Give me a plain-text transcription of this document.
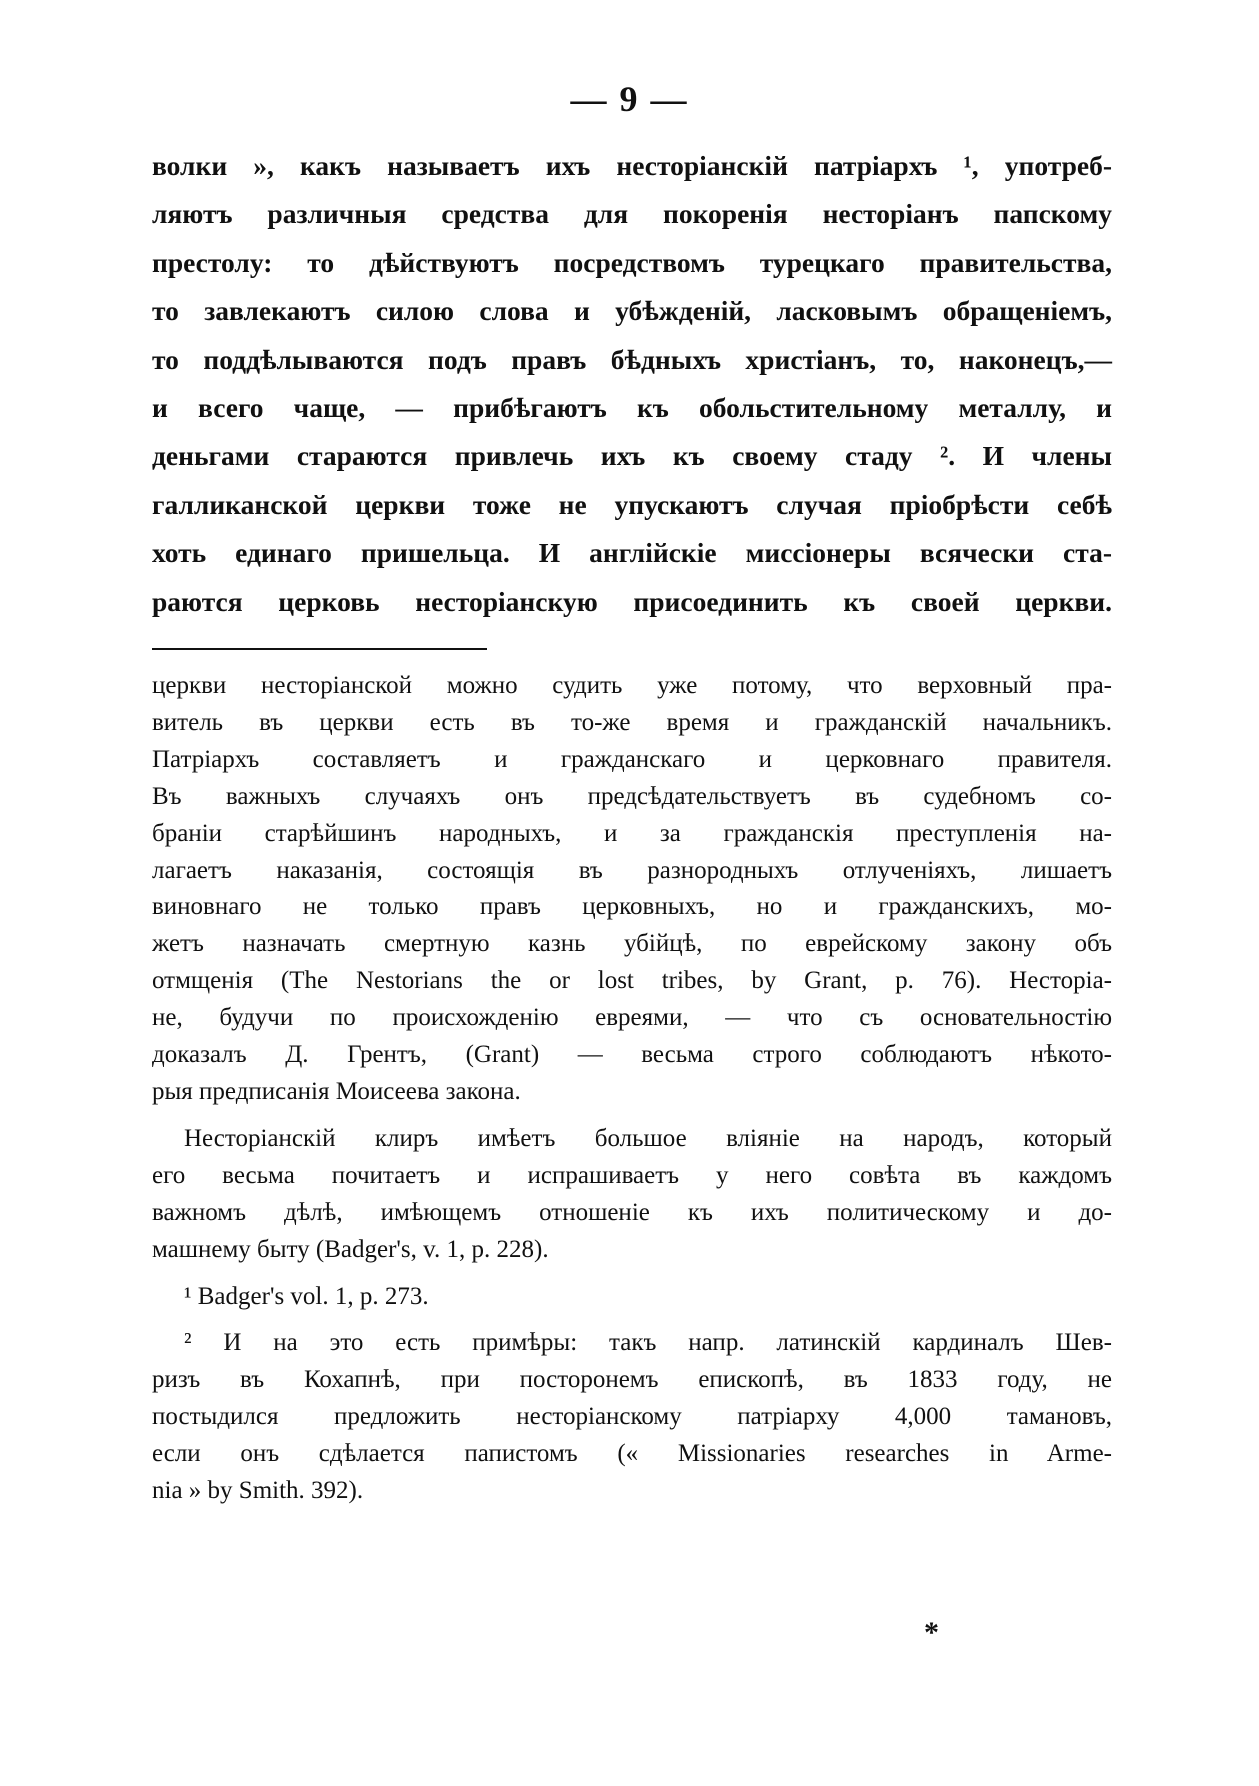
— 9 —
волки », какъ называетъ ихъ несторіанскій патріархъ ¹, употреб-
ляютъ различныя средства для покоренія несторіанъ папскому
престолу: то дѣйствуютъ посредствомъ турецкаго правительства,
то завлекаютъ силою слова и убѣжденій, ласковымъ обращеніемъ,
то поддѣлываются подъ правъ бѣдныхъ христіанъ, то, наконецъ,—
и всего чаще, — прибѣгаютъ къ обольстительному металлу, и
деньгами стараются привлечь ихъ къ своему стаду ². И члены
галликанской церкви тоже не упускаютъ случая пріобрѣсти себѣ
хоть единаго пришельца. И англійскіе миссіонеры всячески ста-
раются церковь несторіанскую присоединить къ своей церкви.
церкви несторіанской можно судить уже потому, что верховный пра-
витель въ церкви есть въ то-же время и гражданскій начальникъ.
Патріархъ составляетъ и гражданскаго и церковнаго правителя.
Въ важныхъ случаяхъ онъ предсѣдательствуетъ въ судебномъ со-
браніи старѣйшинъ народныхъ, и за гражданскія преступленія на-
лагаетъ наказанія, состоящія въ разнородныхъ отлученіяхъ, лишаетъ
виновнаго не только правъ церковныхъ, но и гражданскихъ, мо-
жетъ назначать смертную казнь убійцѣ, по еврейскому закону объ
отмщенія (The Nestorians the or lost tribes, by Grant, p. 76). Несторіа-
не, будучи по происхожденію евреями, — что съ основательностію
доказалъ Д. Грентъ, (Grant) — весьма строго соблюдаютъ нѣкото-
рыя предписанія Моисеева закона.
Несторіанскій клиръ имѣетъ большое вліяніе на народъ, который
его весьма почитаетъ и испрашиваетъ у него совѣта въ каждомъ
важномъ дѣлѣ, имѣющемъ отношеніе къ ихъ политическому и до-
машнему быту (Badger's, v. 1, p. 228).
¹ Badger's vol. 1, p. 273.
² И на это есть примѣры: такъ напр. латинскій кардиналъ Шев-
ризъ въ Кохапнѣ, при посторонемъ епископѣ, въ 1833 году, не
постыдился предложить несторіанскому патріарху 4,000 тамановъ,
если онъ сдѣлается папистомъ (« Missionaries researches in Arme-
nia » by Smith. 392).
*
